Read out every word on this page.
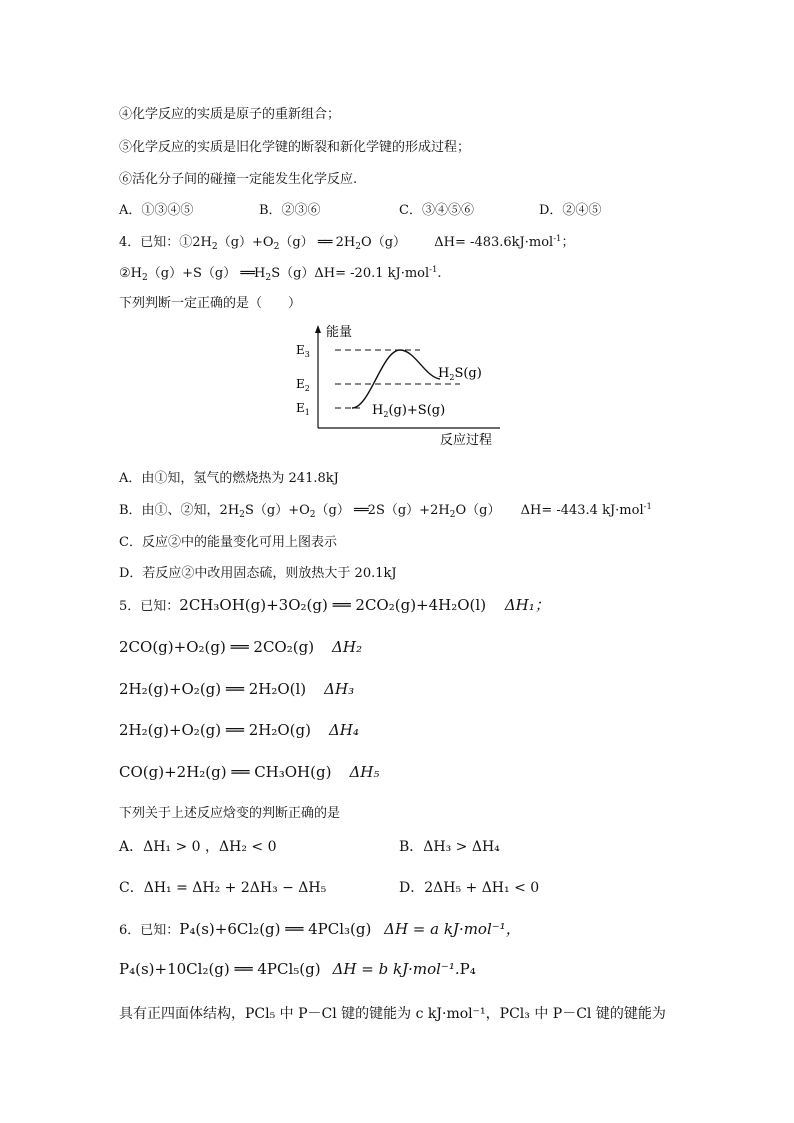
④化学反应的实质是原子的重新组合；
⑤化学反应的实质是旧化学键的断裂和新化学键的形成过程；
⑥活化分子间的碰撞一定能发生化学反应.
A．①③④⑤	B．②③⑥	C．③④⑤⑥	D．②④⑤
4．已知：$①2H_2(g)+O_2(g)$ ══ $2H_2O(g)$ ΔH= -483.6kJ·mol$^{-1}$；
$②H_2(g)+S(g)$ $══H_2S(g)\Delta H= -20.1$ kJ·mol$^{-1}$.
下列判断一定正确的是（　　）
能量
反应过程
$E_3$
$E_2$
$E_1$
$H_2S(g)$
$H_2(g)+S(g)$
A．由①知，氢气的燃烧热为 241.8kJ
B．由①、②知，$2H_2S(g)+O_2(g)$ $══2S(g)+2H_2O(g)$ ΔH= -443.4 kJ·mol$^{-1}$
C．反应②中的能量变化可用上图表示
D．若反应②中改用固态硫，则放热大于 20.1kJ
5．已知：2CH₃OH(g)+3O₂(g) ══ 2CO₂(g)+4H₂O(l) ΔH₁；
2CO(g)+O₂(g) ══ 2CO₂(g) ΔH₂
2H₂(g)+O₂(g) ══ 2H₂O(l) ΔH₃
2H₂(g)+O₂(g) ══ 2H₂O(g) ΔH₄
CO(g)+2H₂(g) ══ CH₃OH(g) ΔH₅
下列关于上述反应焓变的判断正确的是
A．ΔH₁ > 0 ，ΔH₂ < 0	B．ΔH₃ > ΔH₄
C．ΔH₁ = ΔH₂ + 2ΔH₃ − ΔH₅	D．2ΔH₅ + ΔH₁ < 0
6．已知：P₄(s)+6Cl₂(g) ══ 4PCl₃(g) ΔH = a kJ·mol⁻¹，
P₄(s)+10Cl₂(g) ══ 4PCl₅(g) ΔH = b kJ·mol⁻¹.P₄
具有正四面体结构，PCl₅ 中 P－Cl 键的键能为 c kJ·mol⁻¹，PCl₃ 中 P－Cl 键的键能为
